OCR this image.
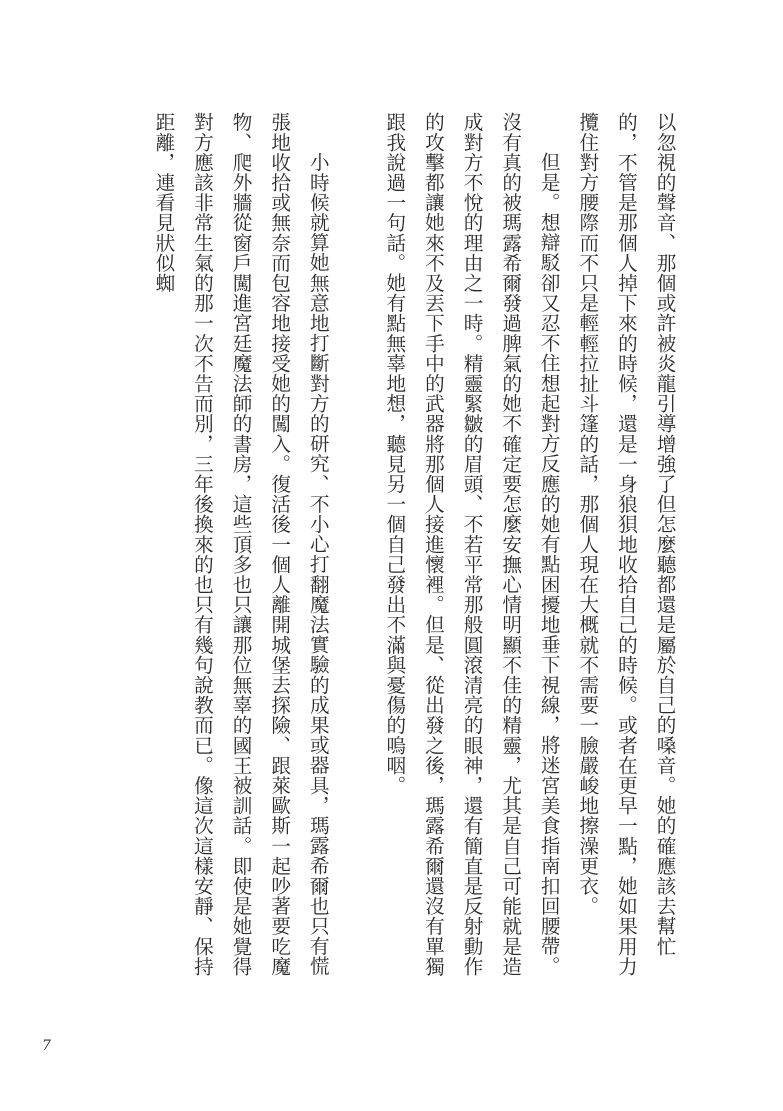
以忽視的聲音、那個或許被炎龍引導增強了但怎麼聽都還是屬於自己的嗓音。她的確應該去幫忙的，不管是那個人掉下來的時候，還是一身狼狽地收拾自己的時候。或者在更早一點，她如果用力攬住對方腰際而不只是輕輕拉扯斗篷的話，那個人現在大概就不需要一臉嚴峻地擦澡更衣。

但是。想辯駁卻又忍不住想起對方反應的她有點困擾地垂下視線，將迷宮美食指南扣回腰帶。沒有真的被瑪露希爾發過脾氣的她不確定要怎麼安撫心情明顯不佳的精靈，尤其是自己可能就是造成對方不悅的理由之一時。精靈緊皺的眉頭、不若平常那般圓滾清亮的眼神，還有簡直是反射動作的攻擊都讓她來不及丟下手中的武器將那個人接進懷裡。但是、從出發之後，瑪露希爾還沒有單獨跟我說過一句話。她有點無辜地想，聽見另一個自己發出不滿與憂傷的嗚咽。

小時候就算她無意地打斷對方的研究、不小心打翻魔法實驗的成果或器具，瑪露希爾也只有慌張地收拾或無奈而包容地接受她的闖入。復活後一個人離開城堡去探險、跟萊歐斯一起吵著要吃魔物、爬外牆從窗戶闖進宮廷魔法師的書房，這些頂多也只讓那位無辜的國王被訓話。即使是她覺得對方應該非常生氣的那一次不告而別，三年後換來的也只有幾句說教而已。像這次這樣安靜、保持距離，連看見狀似蜘

7
